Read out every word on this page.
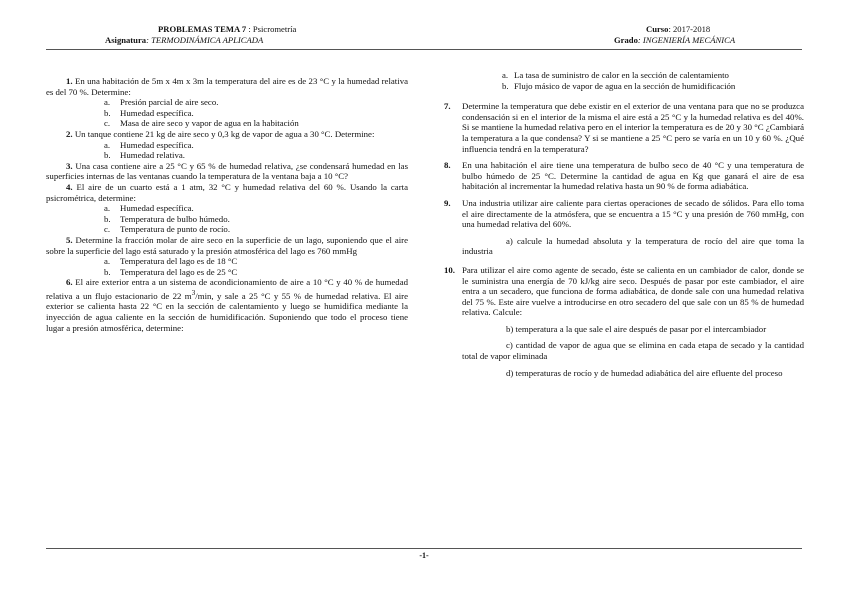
PROBLEMAS TEMA 7 : Psicrometría
Asignatura: TERMODINÁMICA APLICADA
Curso: 2017-2018
Grado: INGENIERÍA MECÁNICA

1. En una habitación de 5m x 4m x 3m la temperatura del aire es de 23 °C y la humedad relativa es del 70 %. Determine:

a. Presión parcial de aire seco.

b. Humedad específica.

c. Masa de aire seco y vapor de agua en la habitación

2. Un tanque contiene 21 kg de aire seco y 0,3 kg de vapor de agua a 30 °C. Determine:

a. Humedad específica.

b. Humedad relativa.

3. Una casa contiene aire a 25 °C y 65 % de humedad relativa, ¿se condensará humedad en las superficies internas de las ventanas cuando la temperatura de la ventana baja a 10 °C?

4. El aire de un cuarto está a 1 atm, 32 °C y humedad relativa del 60 %. Usando la carta psicrométrica, determine:

a. Humedad específica.

b. Temperatura de bulbo húmedo.

c. Temperatura de punto de rocío.

5. Determine la fracción molar de aire seco en la superficie de un lago, suponiendo que el aire sobre la superficie del lago está saturado y la presión atmosférica del lago es 760 mmHg

a. Temperatura del lago es de 18 °C

b. Temperatura del lago es de 25 °C

6. El aire exterior entra a un sistema de acondicionamiento de aire a 10 °C y 40 % de humedad relativa a un flujo estacionario de 22 $m^3/\min$, y sale a 25 °C y 55 % de humedad relativa. El aire exterior se calienta hasta 22 °C en la sección de calentamiento y luego se humidifica mediante la inyección de agua caliente en la sección de humidificación. Suponiendo que todo el proceso tiene lugar a presión atmosférica, determine:

a. La tasa de suministro de calor en la sección de calentamiento

b. Flujo másico de vapor de agua en la sección de humidificación

7. Determine la temperatura que debe existir en el exterior de una ventana para que no se produzca condensación si en el interior de la misma el aire está a 25 °C y la humedad relativa es del 40%. Si se mantiene la humedad relativa pero en el interior la temperatura es de 20 y 30 °C ¿Cambiará la temperatura a la que condensa? Y si se mantiene a 25 °C pero se varía en un 10 y 60 %. ¿Qué influencia tendrá en la temperatura?
8. En una habitación el aire tiene una temperatura de bulbo seco de 40 °C y una temperatura de bulbo húmedo de 25 °C. Determine la cantidad de agua en Kg que ganará el aire de esa habitación al incrementar la humedad relativa hasta un 90 % de forma adiabática.
9. Una industria utilizar aire caliente para ciertas operaciones de secado de sólidos. Para ello toma el aire directamente de la atmósfera, que se encuentra a 15 °C y una presión de 760 mmHg, con una humedad relativa del 60%.

a) calcule la humedad absoluta y la temperatura de rocío del aire que toma la industria

10. Para utilizar el aire como agente de secado, éste se calienta en un cambiador de calor, donde se le suministra una energía de 70 kJ/kg aire seco. Después de pasar por este cambiador, el aire entra a un secadero, que funciona de forma adiabática, de donde sale con una humedad relativa del 75 %. Este aire vuelve a introducirse en otro secadero del que sale con un 85 % de humedad relativa. Calcule:

b) temperatura a la que sale el aire después de pasar por el intercambiador

c) cantidad de vapor de agua que se elimina en cada etapa de secado y la cantidad total de vapor eliminada

d) temperaturas de rocío y de humedad adiabática del aire efluente del proceso

-1-
